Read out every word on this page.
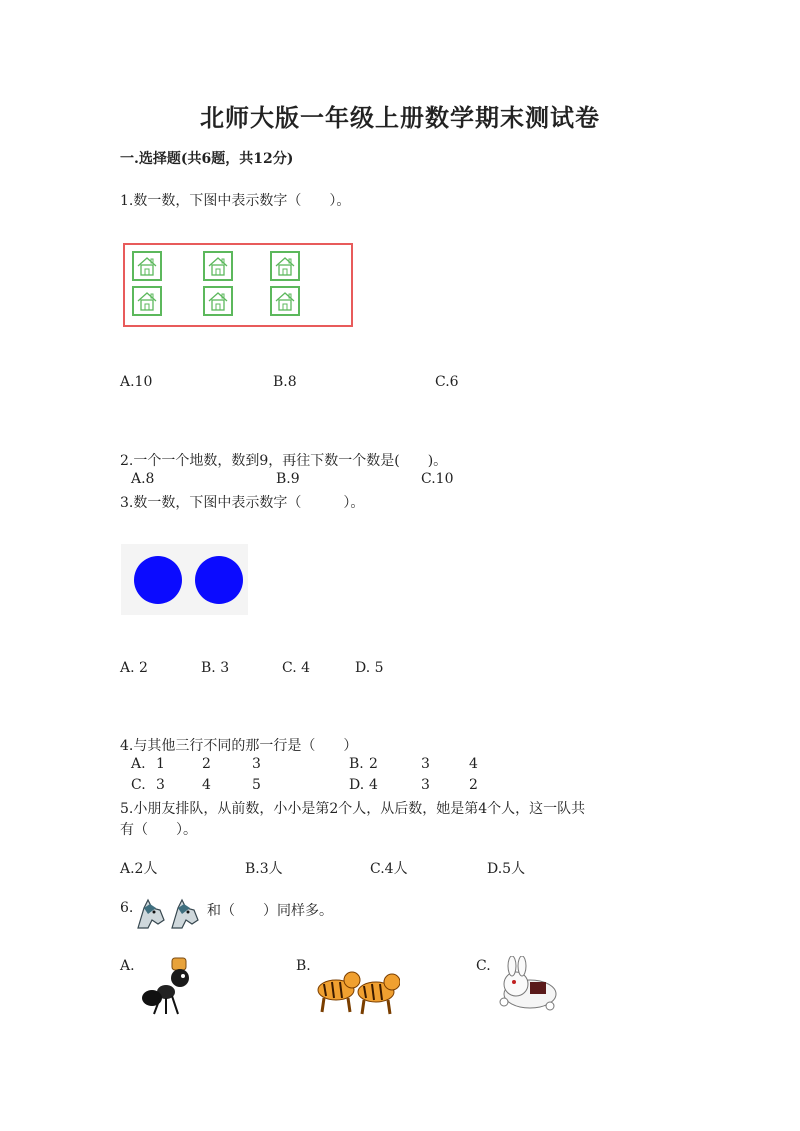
北师大版一年级上册数学期末测试卷
一.选择题(共6题，共12分)
1.数一数，下图中表示数字（　　）。
A.10	B.8	C.6
2.一个一个地数，数到9，再往下数一个数是(　　)。
A.8	B.9	C.10
3.数一数，下图中表示数字（　　　）。
A. 2	B. 3	C. 4	D. 5
4.与其他三行不同的那一行是（　　）
A. 1	2	3	B. 2	3	4
C. 3	4	5	D. 4	3	2
5.小朋友排队，从前数，小小是第2个人，从后数，她是第4个人，这一队共
有（　　）。
A.2人	B.3人	C.4人	D.5人
6.	和（　　）同样多。
A.	B.	C.
